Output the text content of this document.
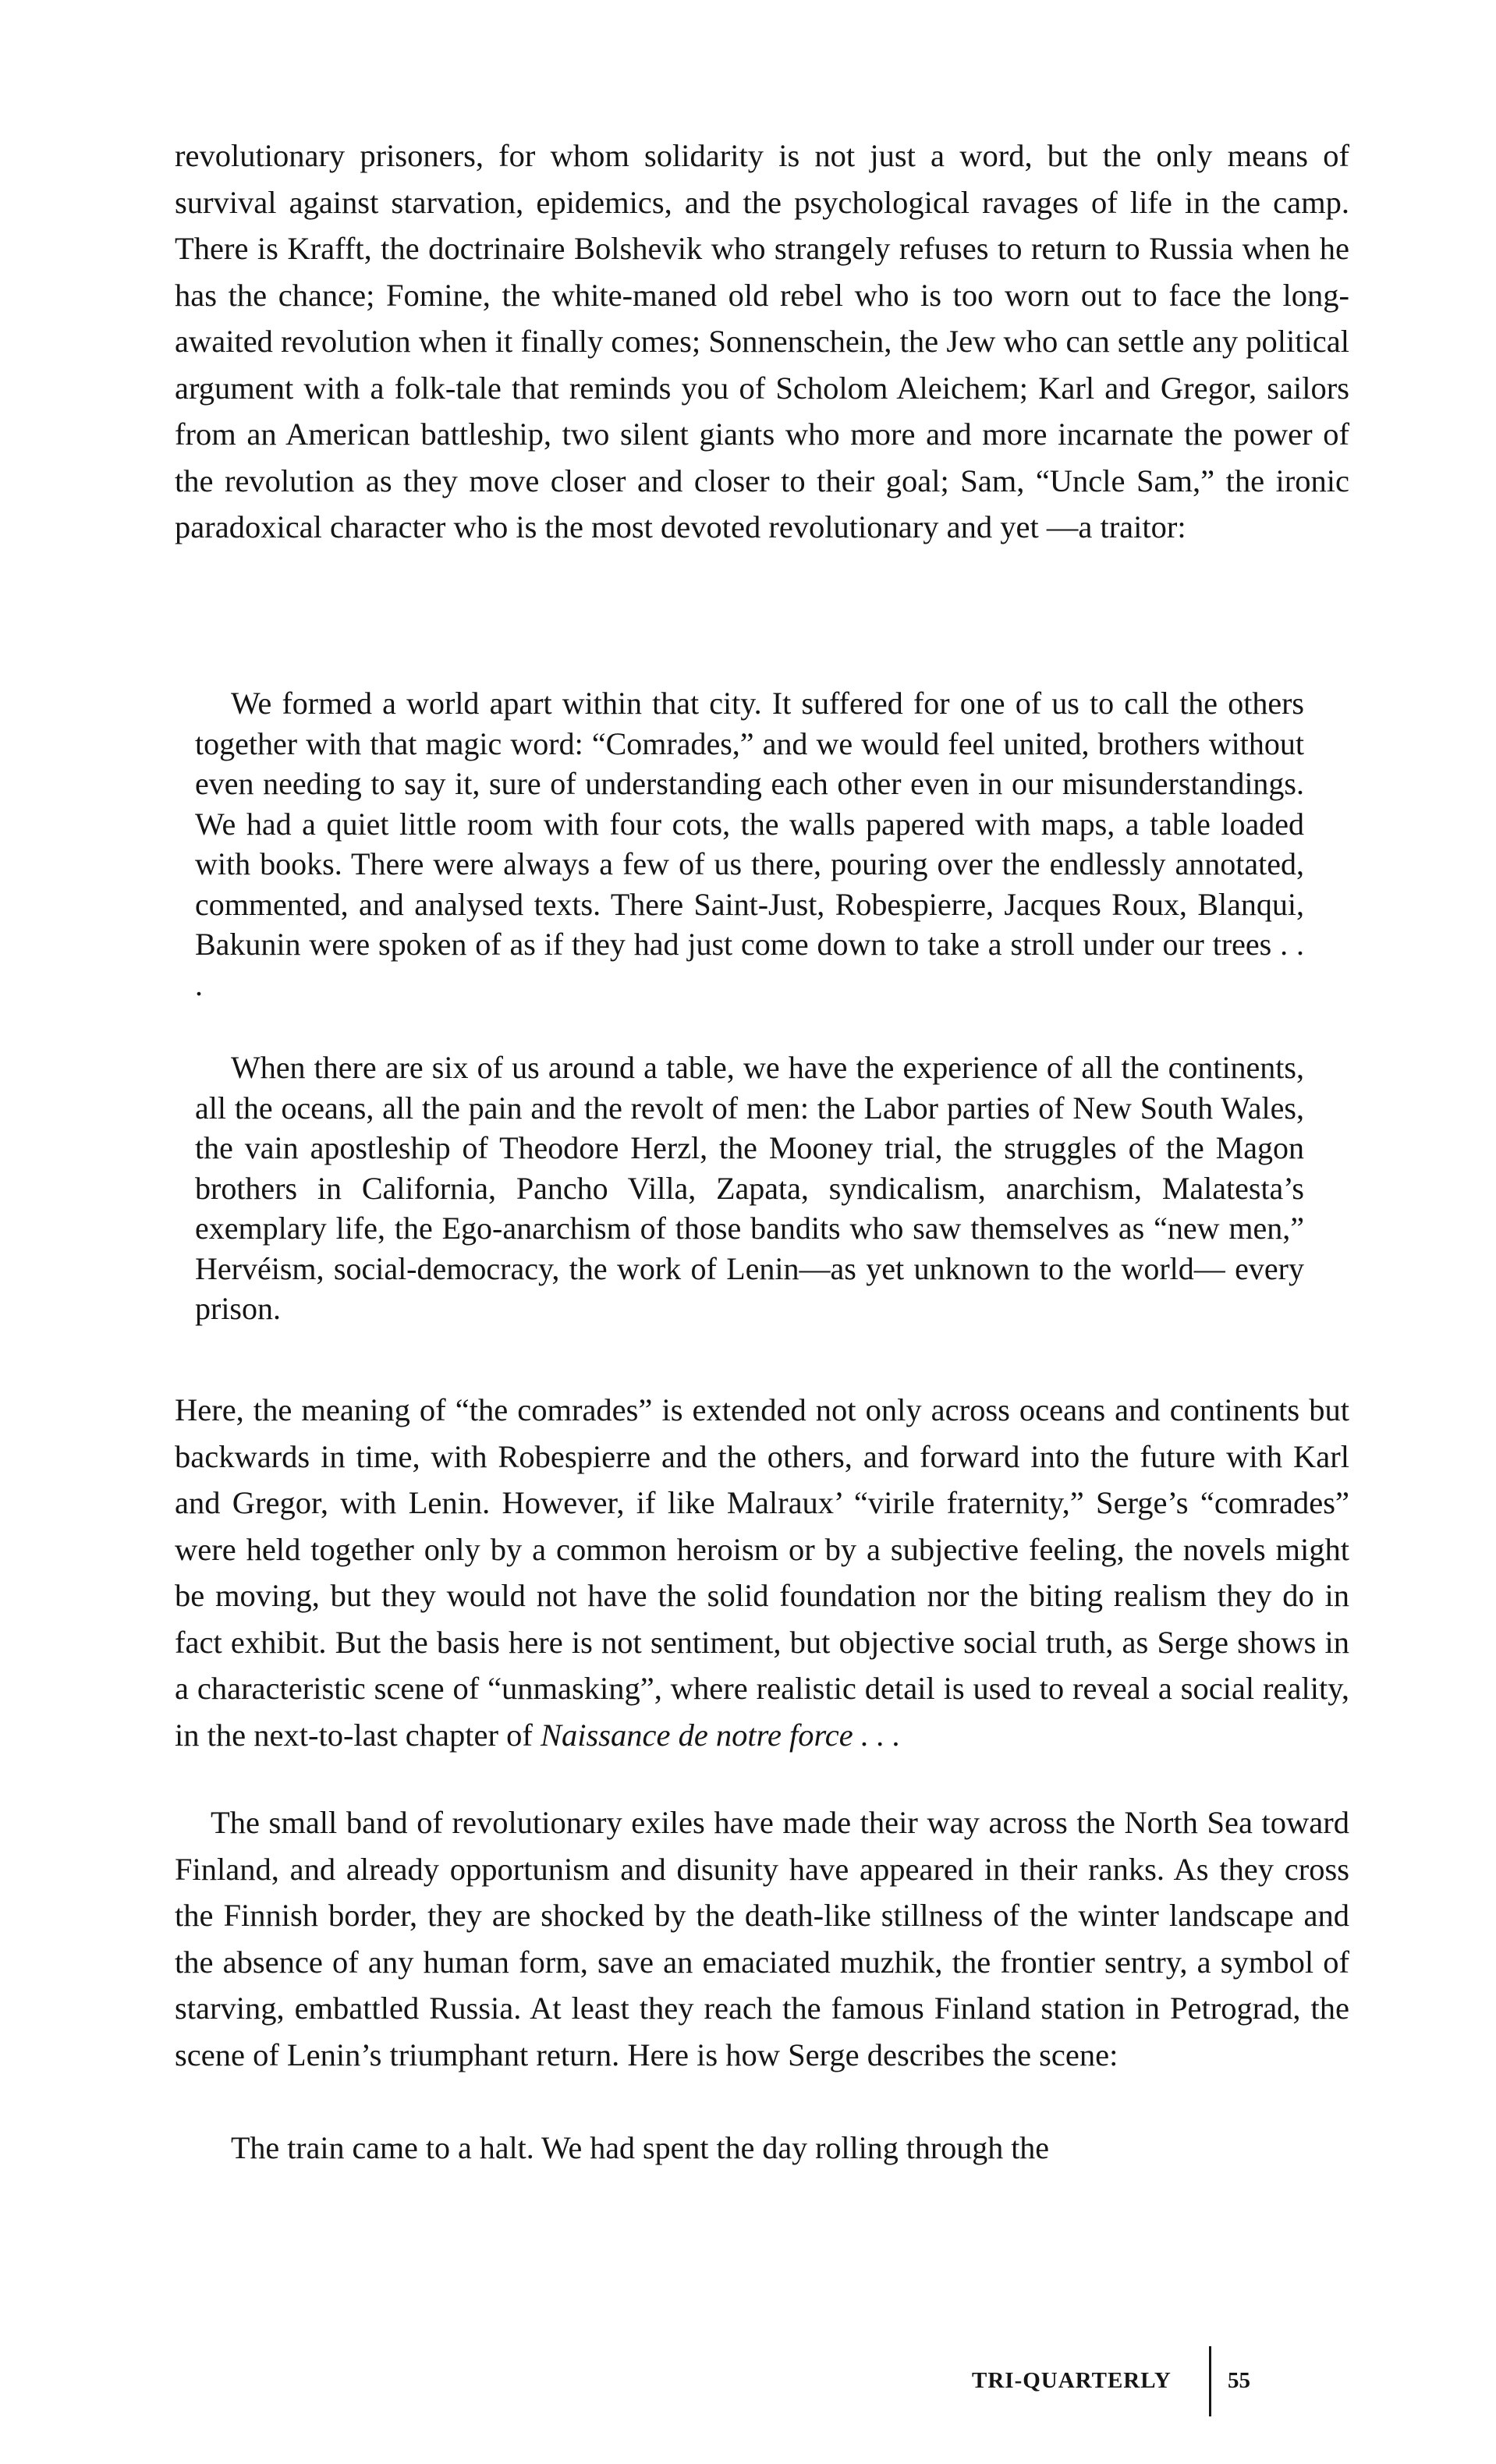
revolutionary prisoners, for whom solidarity is not just a word, but the only means of survival against starvation, epidemics, and the psychological ravages of life in the camp. There is Krafft, the doctrinaire Bolshevik who strangely refuses to return to Russia when he has the chance; Fomine, the white-maned old rebel who is too worn out to face the long-awaited revolution when it finally comes; Sonnenschein, the Jew who can settle any political argument with a folk-tale that reminds you of Scholom Aleichem; Karl and Gregor, sailors from an American battleship, two silent giants who more and more incarnate the power of the revolution as they move closer and closer to their goal; Sam, “Uncle Sam,” the ironic paradoxical character who is the most devoted revolutionary and yet —a traitor:

We formed a world apart within that city. It suffered for one of us to call the others together with that magic word: “Comrades,” and we would feel united, brothers without even needing to say it, sure of understanding each other even in our misunderstandings. We had a quiet little room with four cots, the walls papered with maps, a table loaded with books. There were always a few of us there, pouring over the endlessly annotated, commented, and analysed texts. There Saint-Just, Robespierre, Jacques Roux, Blanqui, Bakunin were spoken of as if they had just come down to take a stroll under our trees . . .

When there are six of us around a table, we have the experience of all the continents, all the oceans, all the pain and the revolt of men: the Labor parties of New South Wales, the vain apostleship of Theodore Herzl, the Mooney trial, the struggles of the Magon brothers in California, Pancho Villa, Zapata, syndicalism, anarchism, Malatesta’s exemplary life, the Ego-anarchism of those bandits who saw themselves as “new men,” Hervéism, social-democracy, the work of Lenin—as yet unknown to the world— every prison.

Here, the meaning of “the comrades” is extended not only across oceans and continents but backwards in time, with Robespierre and the others, and forward into the future with Karl and Gregor, with Lenin. However, if like Malraux’ “virile fraternity,” Serge’s “comrades” were held together only by a common heroism or by a subjective feeling, the novels might be moving, but they would not have the solid foundation nor the biting realism they do in fact exhibit. But the basis here is not sentiment, but objective social truth, as Serge shows in a characteristic scene of “unmasking”, where realistic detail is used to reveal a social reality, in the next-to-last chapter of Naissance de notre force . . .

The small band of revolutionary exiles have made their way across the North Sea toward Finland, and already opportunism and disunity have appeared in their ranks. As they cross the Finnish border, they are shocked by the death-like stillness of the winter landscape and the absence of any human form, save an emaciated muzhik, the frontier sentry, a symbol of starving, embattled Russia. At least they reach the famous Finland station in Petrograd, the scene of Lenin’s triumphant return. Here is how Serge describes the scene:

The train came to a halt. We had spent the day rolling through the

TRI-QUARTERLY 55
